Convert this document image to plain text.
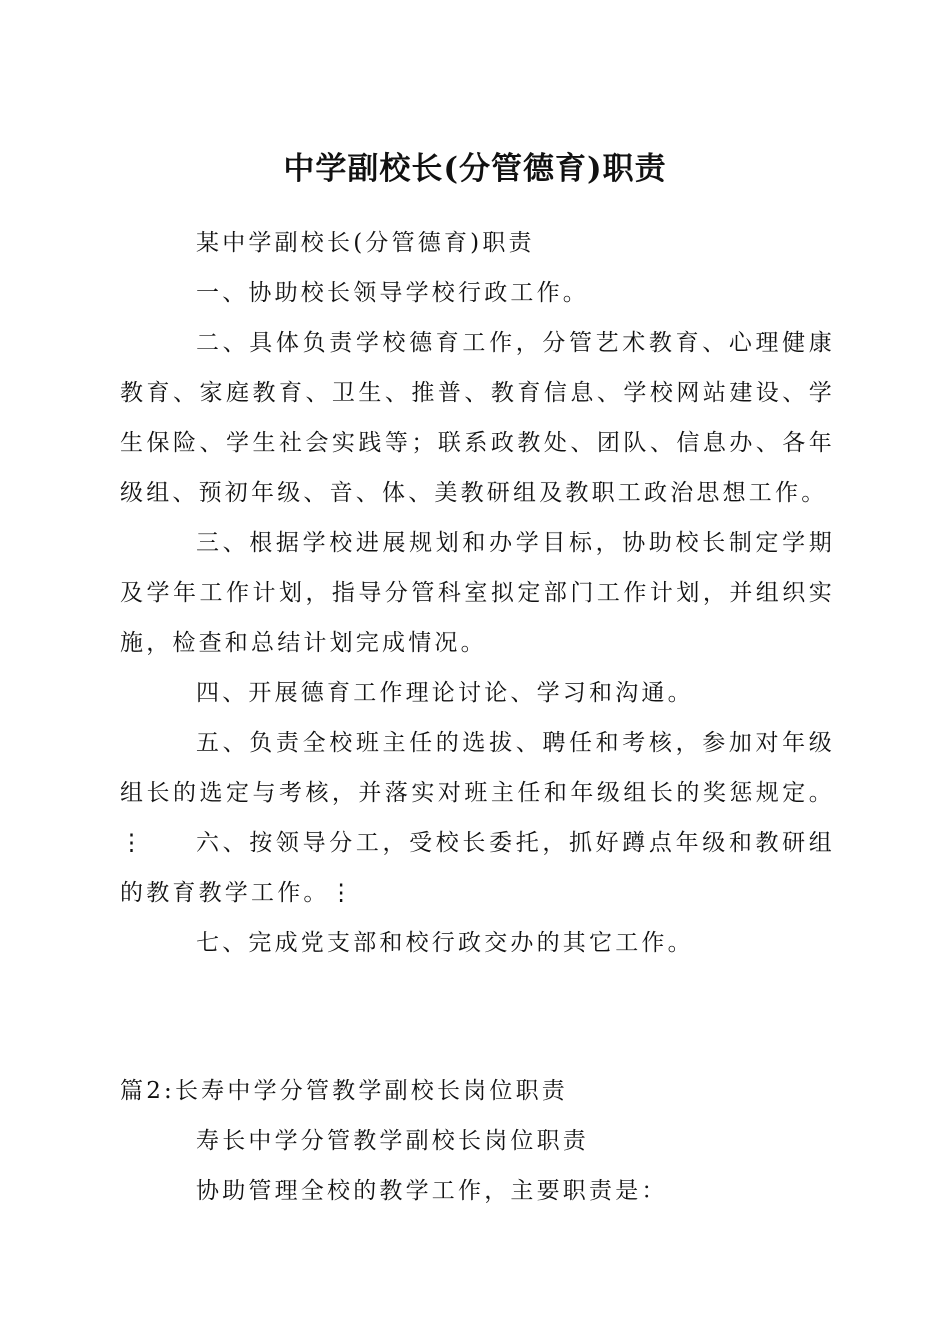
中学副校长(分管德育)职责
某中学副校长(分管德育)职责
一、协助校长领导学校行政工作。
二、具体负责学校德育工作，分管艺术教育、心理健康教育、家庭教育、卫生、推普、教育信息、学校网站建设、学生保险、学生社会实践等；联系政教处、团队、信息办、各年级组、预初年级、音、体、美教研组及教职工政治思想工作。
三、根据学校进展规划和办学目标，协助校长制定学期及学年工作计划，指导分管科室拟定部门工作计划，并组织实施，检查和总结计划完成情况。
四、开展德育工作理论讨论、学习和沟通。
五、负责全校班主任的选拔、聘任和考核，参加对年级组长的选定与考核，并落实对班主任和年级组长的奖惩规定。⋮	六、按领导分工，受校长委托，抓好蹲点年级和教研组的教育教学工作。⋮
七、完成党支部和校行政交办的其它工作。
篇2:长寿中学分管教学副校长岗位职责
寿长中学分管教学副校长岗位职责
协助管理全校的教学工作，主要职责是：
